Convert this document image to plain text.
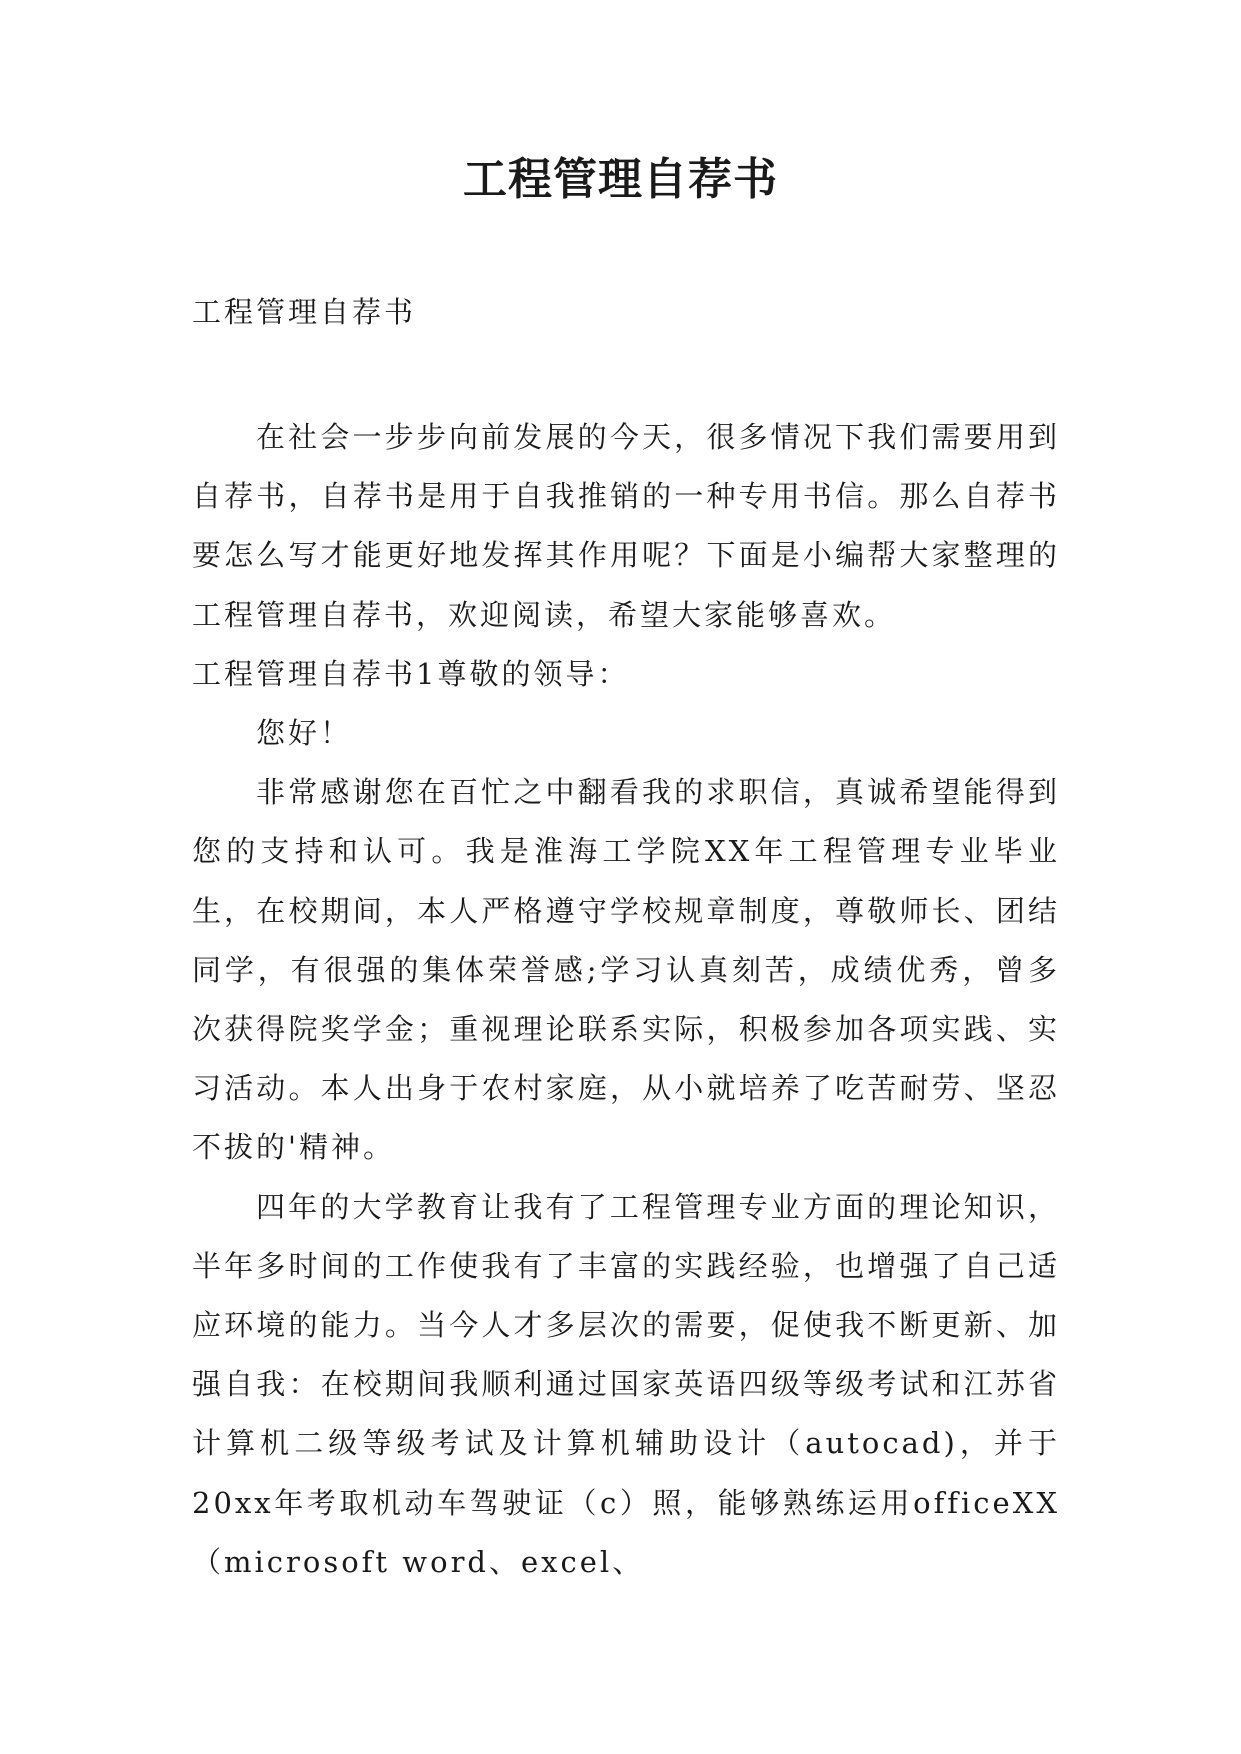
工程管理自荐书
工程管理自荐书

在社会一步步向前发展的今天，很多情况下我们需要用到自荐书，自荐书是用于自我推销的一种专用书信。那么自荐书要怎么写才能更好地发挥其作用呢？下面是小编帮大家整理的工程管理自荐书，欢迎阅读，希望大家能够喜欢。

工程管理自荐书1尊敬的领导：

您好！

非常感谢您在百忙之中翻看我的求职信，真诚希望能得到您的支持和认可。我是淮海工学院XX年工程管理专业毕业生，在校期间，本人严格遵守学校规章制度，尊敬师长、团结同学，有很强的集体荣誉感;学习认真刻苦，成绩优秀，曾多次获得院奖学金；重视理论联系实际，积极参加各项实践、实习活动。本人出身于农村家庭，从小就培养了吃苦耐劳、坚忍不拔的'精神。

四年的大学教育让我有了工程管理专业方面的理论知识，半年多时间的工作使我有了丰富的实践经验，也增强了自己适应环境的能力。当今人才多层次的需要，促使我不断更新、加强自我：在校期间我顺利通过国家英语四级等级考试和江苏省计算机二级等级考试及计算机辅助设计（autocad)，并于20xx年考取机动车驾驶证（c）照，能够熟练运用officeXX（microsoft word、excel、
